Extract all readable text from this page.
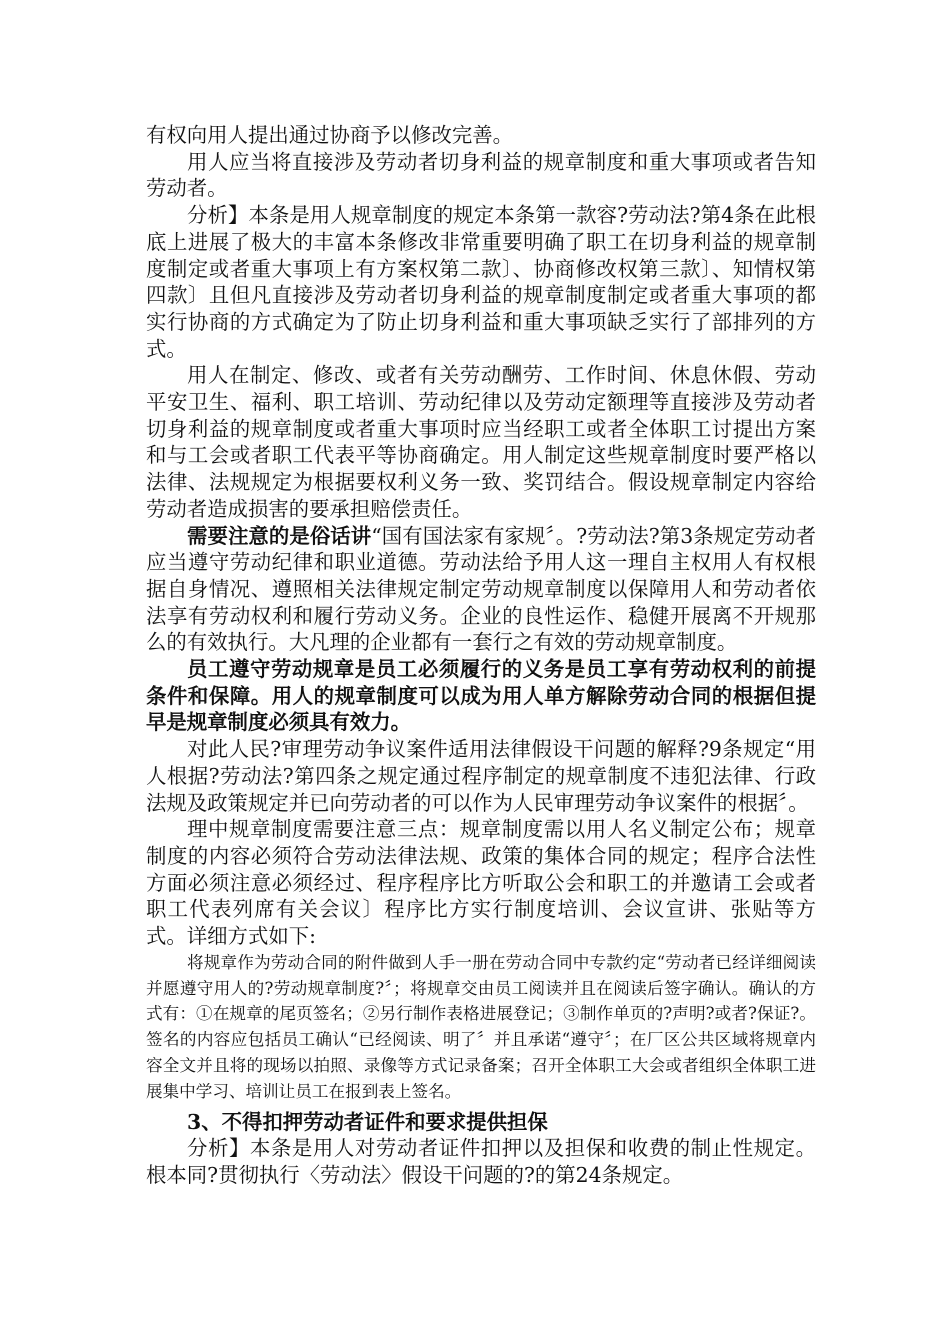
有权向用人提出通过协商予以修改完善。

用人应当将直接涉及劳动者切身利益的规章制度和重大事项或者告知劳动者。

分析】本条是用人规章制度的规定本条第一款容?劳动法?第4条在此根底上进展了极大的丰富本条修改非常重要明确了职工在切身利益的规章制度制定或者重大事项上有方案权第二款〕、协商修改权第三款〕、知情权第四款〕且但凡直接涉及劳动者切身利益的规章制度制定或者重大事项的都实行协商的方式确定为了防止切身利益和重大事项缺乏实行了部排列的方式。

用人在制定、修改、或者有关劳动酬劳、工作时间、休息休假、劳动平安卫生、福利、职工培训、劳动纪律以及劳动定额理等直接涉及劳动者切身利益的规章制度或者重大事项时应当经职工或者全体职工讨提出方案和与工会或者职工代表平等协商确定。用人制定这些规章制度时要严格以法律、法规规定为根据要权利义务一致、奖罚结合。假设规章制定内容给劳动者造成损害的要承担赔偿责任。

需要注意的是俗话讲“国有国法家有家规〞。?劳动法?第3条规定劳动者应当遵守劳动纪律和职业道德。劳动法给予用人这一理自主权用人有权根据自身情况、遵照相关法律规定制定劳动规章制度以保障用人和劳动者依法享有劳动权利和履行劳动义务。企业的良性运作、稳健开展离不开规那么的有效执行。大凡理的企业都有一套行之有效的劳动规章制度。

员工遵守劳动规章是员工必须履行的义务是员工享有劳动权利的前提条件和保障。用人的规章制度可以成为用人单方解除劳动合同的根据但提早是规章制度必须具有效力。

对此人民?审理劳动争议案件适用法律假设干问题的解释?9条规定“用人根据?劳动法?第四条之规定通过程序制定的规章制度不违犯法律、行政法规及政策规定并已向劳动者的可以作为人民审理劳动争议案件的根据〞。

理中规章制度需要注意三点：规章制度需以用人名义制定公布；规章制度的内容必须符合劳动法律法规、政策的集体合同的规定；程序合法性方面必须注意必须经过、程序程序比方听取公会和职工的并邀请工会或者职工代表列席有关会议〕程序比方实行制度培训、会议宣讲、张贴等方式。详细方式如下:

将规章作为劳动合同的附件做到人手一册在劳动合同中专款约定“劳动者已经详细阅读并愿遵守用人的?劳动规章制度?〞；将规章交由员工阅读并且在阅读后签字确认。确认的方式有：①在规章的尾页签名；②另行制作表格进展登记；③制作单页的?声明?或者?保证?。签名的内容应包括员工确认“已经阅读、明了〞并且承诺“遵守〞；在厂区公共区域将规章内容全文并且将的现场以拍照、录像等方式记录备案；召开全体职工大会或者组织全体职工进展集中学习、培训让员工在报到表上签名。

3、不得扣押劳动者证件和要求提供担保

分析】本条是用人对劳动者证件扣押以及担保和收费的制止性规定。根本同?贯彻执行〈劳动法〉假设干问题的?的第24条规定。
